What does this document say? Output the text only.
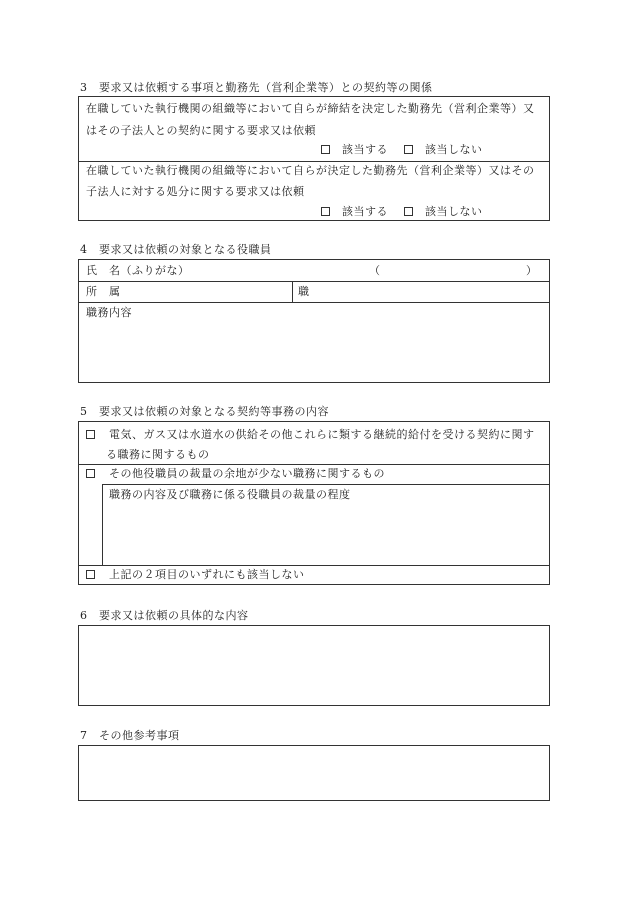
3　要求又は依頼する事項と勤務先（営利企業等）との契約等の関係
在職していた執行機関の組織等において自らが締結を決定した勤務先（営利企業等）又
はその子法人との契約に関する要求又は依頼
該当する	該当しない
在職していた執行機関の組織等において自らが決定した勤務先（営利企業等）又はその
子法人に対する処分に関する要求又は依頼
該当する	該当しない
4　要求又は依頼の対象となる役職員
氏　名（ふりがな）	（	）
所　属	職
職務内容
5　要求又は依頼の対象となる契約等事務の内容
電気、ガス又は水道水の供給その他これらに類する継続的給付を受ける契約に関す
る職務に関するもの
その他役職員の裁量の余地が少ない職務に関するもの
職務の内容及び職務に係る役職員の裁量の程度
上記の２項目のいずれにも該当しない
6　要求又は依頼の具体的な内容
7　その他参考事項
